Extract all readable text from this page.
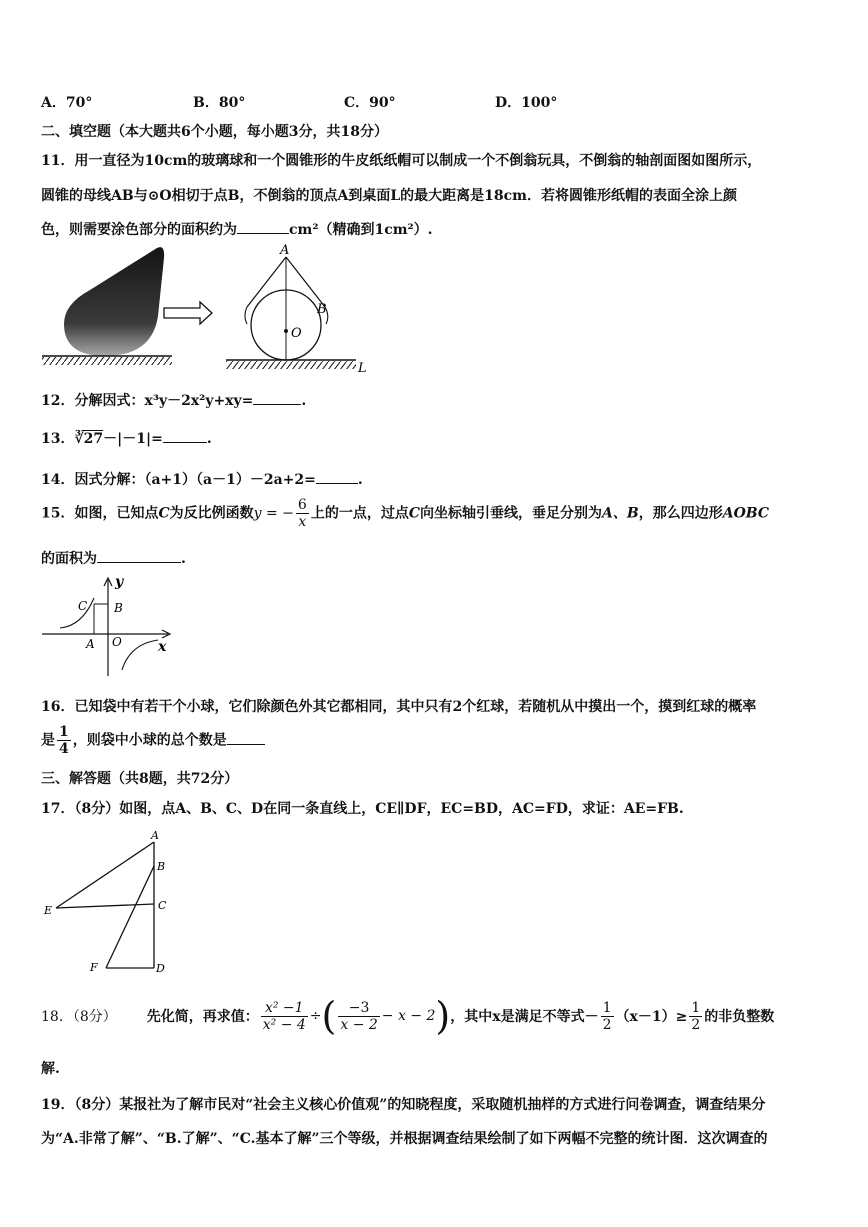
A．70°	B．80°	C．90°	D．100°
二、填空题（本大题共6个小题，每小题3分，共18分）
11．用一直径为10cm的玻璃球和一个圆锥形的牛皮纸纸帽可以制成一个不倒翁玩具，不倒翁的轴剖面图如图所示，
圆锥的母线AB与⊙O相切于点B，不倒翁的顶点A到桌面L的最大距离是18cm．若将圆锥形纸帽的表面全涂上颜
色，则需要涂色部分的面积约为	cm²（精确到1cm²）.
A
B
O
L
12．分解因式：x³y－2x²y+xy=	.
13．∛27－|－1|=	.
14．因式分解：（a+1）（a－1）－2a+2=	.
15．如图，已知点C为反比例函数y = − $\frac{6}{x}$ 上的一点，过点C向坐标轴引垂线，垂足分别为A、B，那么四边形AOBC
的面积为	.
y
x
C B
A O
16．已知袋中有若干个小球，它们除颜色外其它都相同，其中只有2个红球，若随机从中摸出一个，摸到红球的概率
是 $\frac{1}{4}$ ，则袋中小球的总个数是
三、解答题（共8题，共72分）
17．（8分）如图，点A、B、C、D在同一条直线上，CE∥DF，EC=BD，AC=FD，求证：AE=FB.
A
B
C
E
F	D
18．（8分） 先化简，再求值： $\frac{\text{x² −1}}{\text{x² − 4}}$ ÷ ( $\frac{-3}{x - 2} - x - 2$ ) ，其中x是满足不等式－ $\frac{1}{2} (x-1)\ge \frac{1}{2}$ 的非负整数
解.
19．（8分）某报社为了解市民对“社会主义核心价值观”的知晓程度，采取随机抽样的方式进行问卷调查，调查结果分
为“A.非常了解”、“B.了解”、“C.基本了解”三个等级，并根据调查结果绘制了如下两幅不完整的统计图．这次调查的
